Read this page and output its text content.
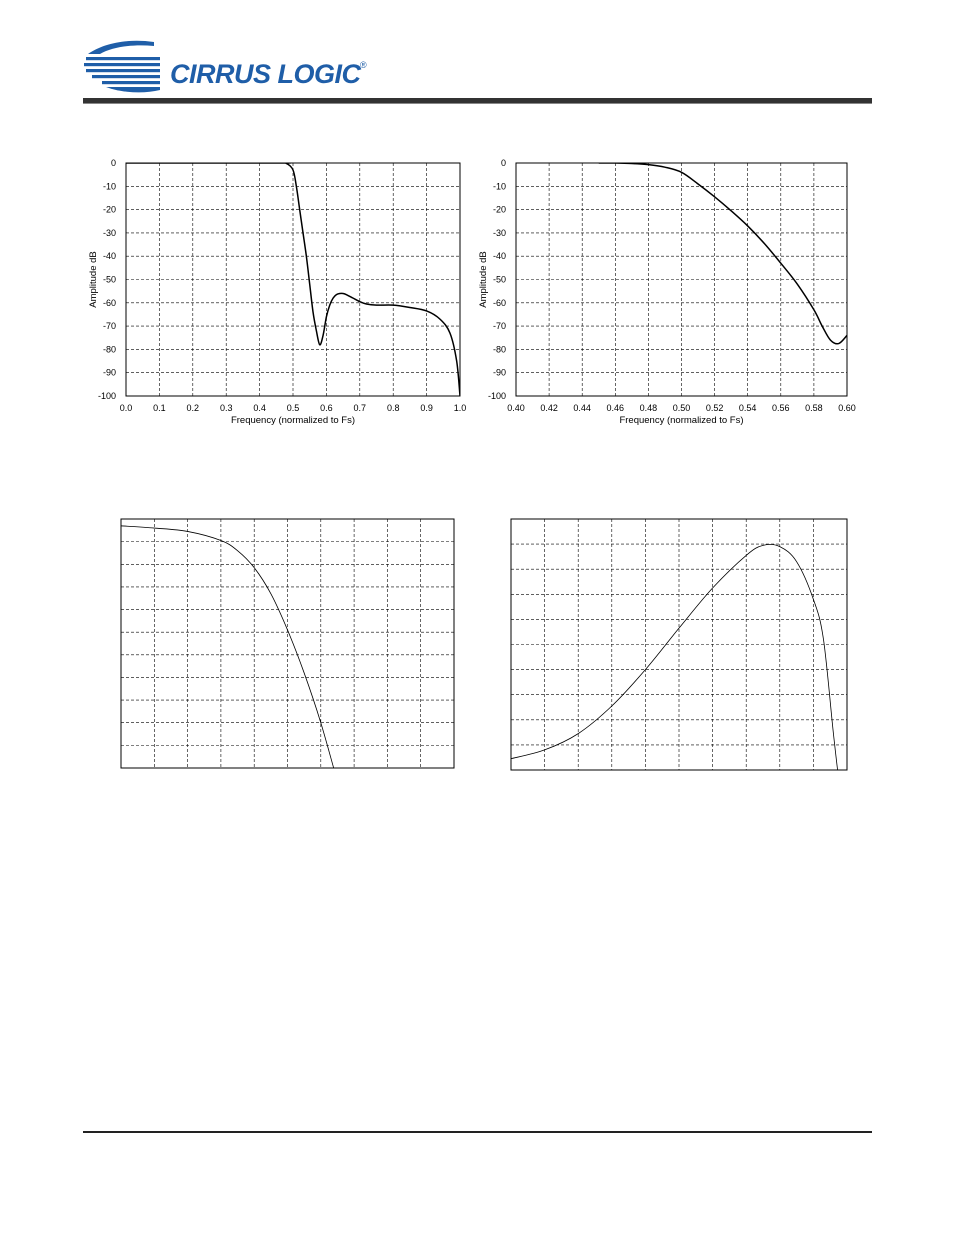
CIRRUS LOGIC ®
0.0 0.1 0.2 0.3 0.4 0.5 0.6 0.7 0.8 0.9 1.0
0
-10
-20
-30
-40
-50
-60
-70
-80
-90
-100
Frequency (normalized to Fs)
Amplitude dB
0.40 0.42 0.44 0.46 0.48 0.50 0.52 0.54 0.56 0.58 0.60
0
-10
-20
-30
-40
-50
-60
-70
-80
-90
-100
Frequency (normalized to Fs)
Amplitude dB
